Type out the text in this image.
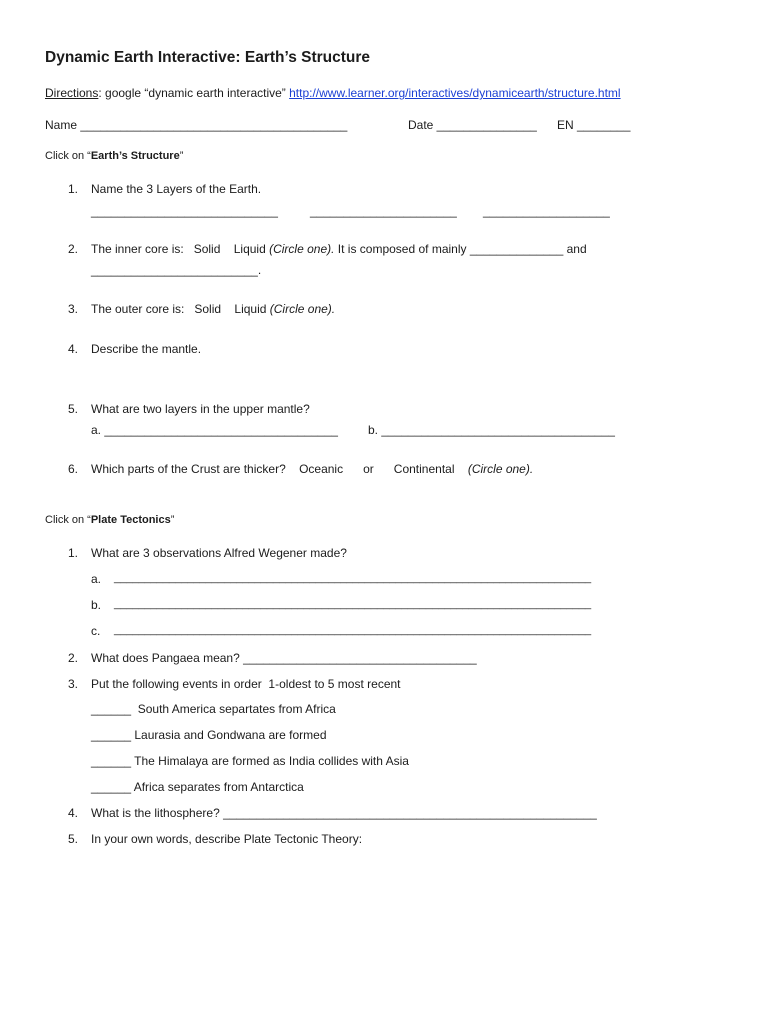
Dynamic Earth Interactive: Earth’s Structure
Directions: google “dynamic earth interactive” http://www.learner.org/interactives/dynamicearth/structure.html
Name ________________________________________	Date _______________ EN ________
Click on “Earth’s Structure”
1. Name the 3 Layers of the Earth.
____________________________	______________________ ___________________
2. The inner core is:   Solid    Liquid (Circle one). It is composed of mainly ______________ and
_________________________.
3. The outer core is:   Solid    Liquid (Circle one).
4. Describe the mantle.
5. What are two layers in the upper mantle?
a. ___________________________________	b. ___________________________________
6. Which parts of the Crust are thicker?    Oceanic      or      Continental    (Circle one).
Click on “Plate Tectonics”
1. What are 3 observations Alfred Wegener made?
a. ______________________________________________________________________________
b. ______________________________________________________________________________
c. ______________________________________________________________________________
2. What does Pangaea mean? ___________________________________
3. Put the following events in order  1-oldest to 5 most recent
______  South America separtates from Africa
______ Laurasia and Gondwana are formed
______ The Himalaya are formed as India collides with Asia
______ Africa separates from Antarctica
4. What is the lithosphere? ________________________________________________________
5. In your own words, describe Plate Tectonic Theory:
